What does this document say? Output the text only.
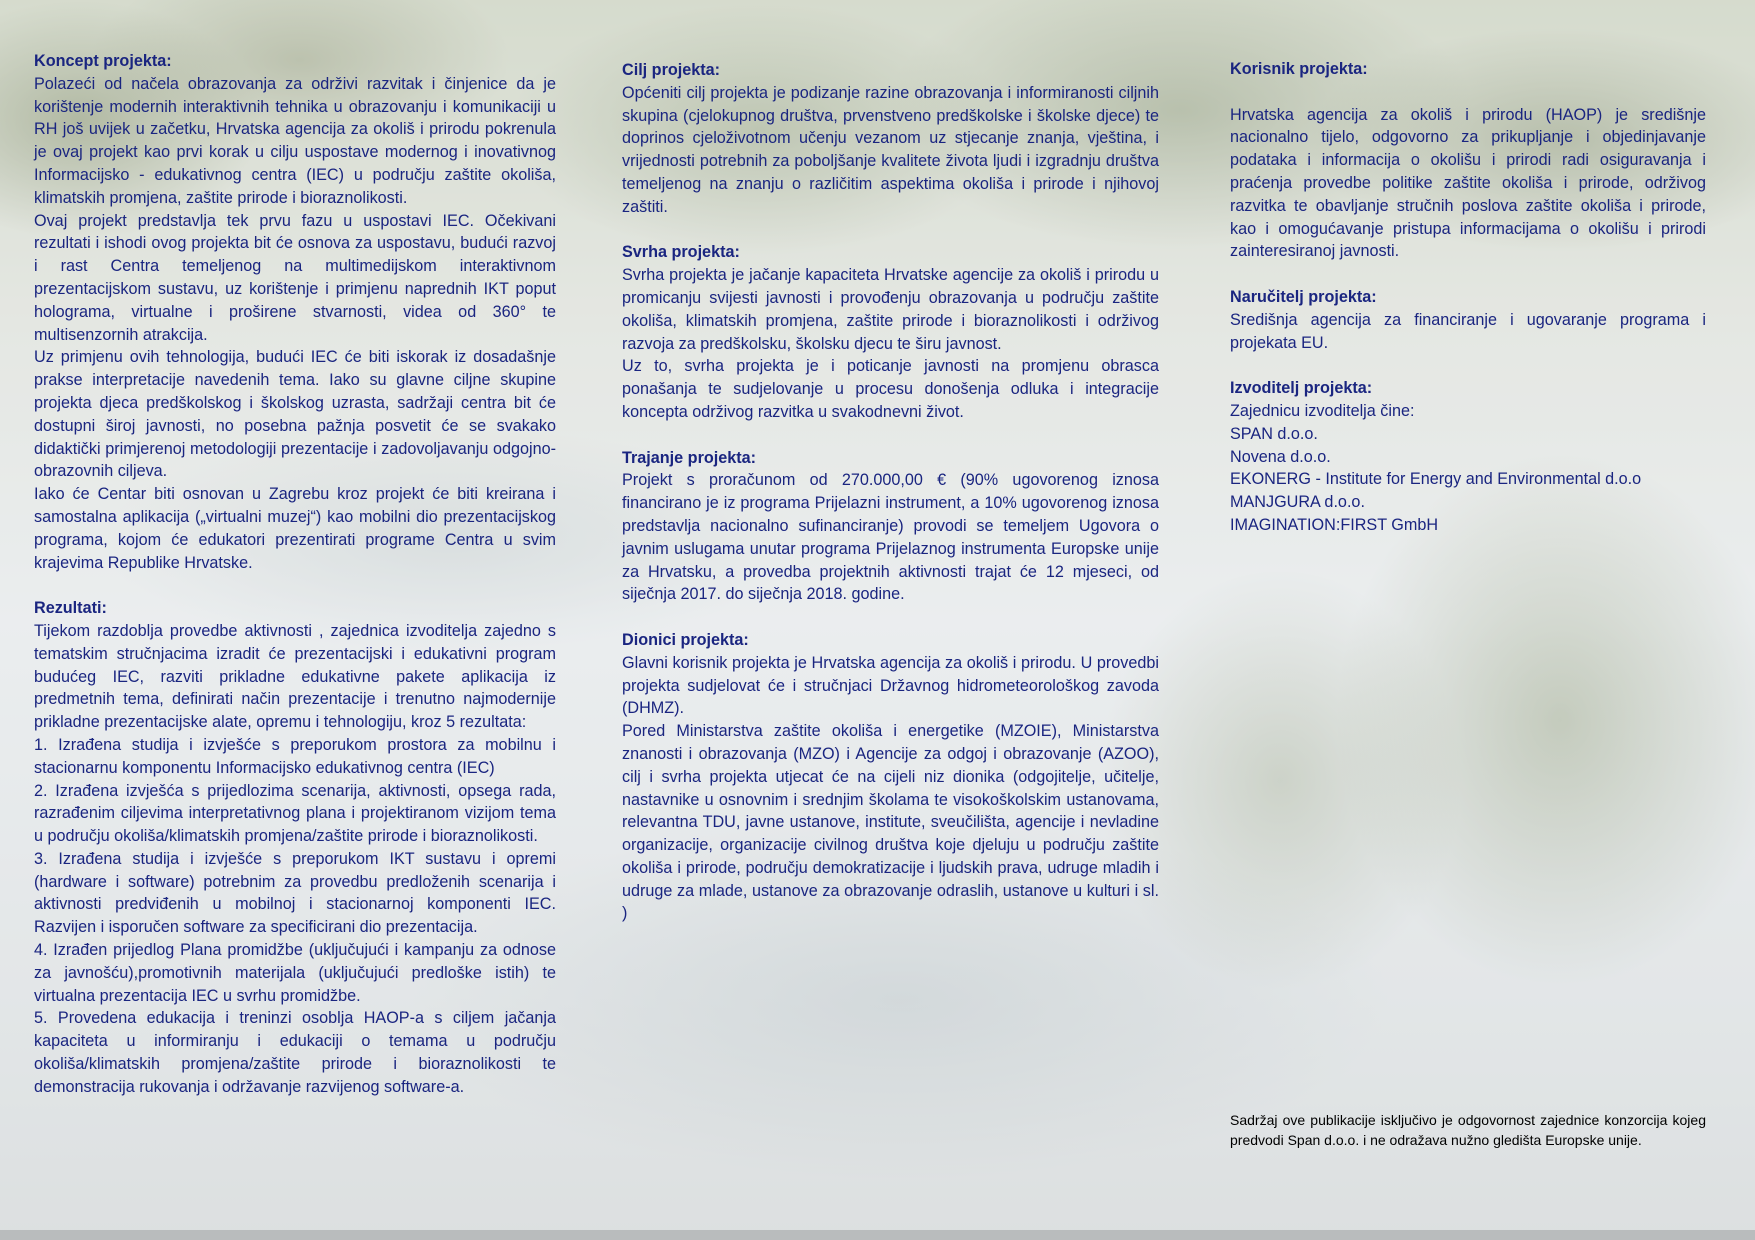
Koncept projekta:

Polazeći od načela obrazovanja za održivi razvitak i činjenice da je korištenje modernih interaktivnih tehnika u obrazovanju i komunikaciji u RH još uvijek u začetku, Hrvatska agencija za okoliš i prirodu pokrenula je ovaj projekt kao prvi korak u cilju uspostave modernog i inovativnog Informacijsko - edukativnog centra (IEC) u području zaštite okoliša, klimatskih promjena, zaštite prirode i bioraznolikosti.

Ovaj projekt predstavlja tek prvu fazu u uspostavi IEC. Očekivani rezultati i ishodi ovog projekta bit će osnova za uspostavu, budući razvoj i rast Centra temeljenog na multimedijskom interaktivnom prezentacijskom sustavu, uz korištenje i primjenu naprednih IKT poput holograma, virtualne i proširene stvarnosti, videa od 360° te multisenzornih atrakcija.

Uz primjenu ovih tehnologija, budući IEC će biti iskorak iz dosadašnje prakse interpretacije navedenih tema. Iako su glavne ciljne skupine projekta djeca predškolskog i školskog uzrasta, sadržaji centra bit će dostupni široj javnosti, no posebna pažnja posvetit će se svakako didaktički primjerenoj metodologiji prezentacije i zadovoljavanju odgojno-obrazovnih ciljeva.

Iako će Centar biti osnovan u Zagrebu kroz projekt će biti kreirana i samostalna aplikacija („virtualni muzej“) kao mobilni dio prezentacijskog programa, kojom će edukatori prezentirati programe Centra u svim krajevima Republike Hrvatske.

Rezultati:

Tijekom razdoblja provedbe aktivnosti , zajednica izvoditelja zajedno s tematskim stručnjacima izradit će prezentacijski i edukativni program budućeg IEC, razviti prikladne edukativne pakete aplikacija iz predmetnih tema, definirati način prezentacije i trenutno najmodernije prikladne prezentacijske alate, opremu i tehnologiju, kroz 5 rezultata:

1. Izrađena studija i izvješće s preporukom prostora za mobilnu i stacionarnu komponentu Informacijsko edukativnog centra (IEC)

2. Izrađena izvješća s prijedlozima scenarija, aktivnosti, opsega rada, razrađenim ciljevima interpretativnog plana i projektiranom vizijom tema u području okoliša/klimatskih promjena/zaštite prirode i bioraznolikosti.

3. Izrađena studija i izvješće s preporukom IKT sustavu i opremi (hardware i software) potrebnim za provedbu predloženih scenarija i aktivnosti predviđenih u mobilnoj i stacionarnoj komponenti IEC. Razvijen i isporučen software za specificirani dio prezentacija.

4. Izrađen prijedlog Plana promidžbe (uključujući i kampanju za odnose za javnošću),promotivnih materijala (uključujući predloške istih) te virtualna prezentacija IEC u svrhu promidžbe.

5. Provedena edukacija i treninzi osoblja HAOP-a s ciljem jačanja kapaciteta u informiranju i edukaciji o temama u području okoliša/klimatskih promjena/zaštite prirode i bioraznolikosti te demonstracija rukovanja i održavanje razvijenog software-a.

Cilj projekta:

Općeniti cilj projekta je podizanje razine obrazovanja i informiranosti ciljnih skupina (cjelokupnog društva, prvenstveno predškolske i školske djece) te doprinos cjeloživotnom učenju vezanom uz stjecanje znanja, vještina, i vrijednosti potrebnih za poboljšanje kvalitete života ljudi i izgradnju društva temeljenog na znanju o različitim aspektima okoliša i prirode i njihovoj zaštiti.

Svrha projekta:

Svrha projekta je jačanje kapaciteta Hrvatske agencije za okoliš i prirodu u promicanju svijesti javnosti i provođenju obrazovanja u području zaštite okoliša, klimatskih promjena, zaštite prirode i bioraznolikosti i održivog razvoja za predškolsku, školsku djecu te širu javnost.

Uz to, svrha projekta je i poticanje javnosti na promjenu obrasca ponašanja te sudjelovanje u procesu donošenja odluka i integracije koncepta održivog razvitka u svakodnevni život.

Trajanje projekta:

Projekt s proračunom od 270.000,00 € (90% ugovorenog iznosa financirano je iz programa Prijelazni instrument, a 10% ugovorenog iznosa predstavlja nacionalno sufinanciranje) provodi se temeljem Ugovora o javnim uslugama unutar programa Prijelaznog instrumenta Europske unije za Hrvatsku, a provedba projektnih aktivnosti trajat će 12 mjeseci, od siječnja 2017. do siječnja 2018. godine.

Dionici projekta:

Glavni korisnik projekta je Hrvatska agencija za okoliš i prirodu. U provedbi projekta sudjelovat će i stručnjaci Državnog hidrometeorološkog zavoda (DHMZ).

Pored Ministarstva zaštite okoliša i energetike (MZOIE), Ministarstva znanosti i obrazovanja (MZO) i Agencije za odgoj i obrazovanje (AZOO), cilj i svrha projekta utjecat će na cijeli niz dionika (odgojitelje, učitelje, nastavnike u osnovnim i srednjim školama te visokoškolskim ustanovama, relevantna TDU, javne ustanove, institute, sveučilišta, agencije i nevladine organizacije, organizacije civilnog društva koje djeluju u području zaštite okoliša i prirode, području demokratizacije i ljudskih prava, udruge mladih i udruge za mlade, ustanove za obrazovanje odraslih, ustanove u kulturi i sl. )

Korisnik projekta:

Hrvatska agencija za okoliš i prirodu (HAOP) je središnje nacionalno tijelo, odgovorno za prikupljanje i objedinjavanje podataka i informacija o okolišu i prirodi radi osiguravanja i praćenja provedbe politike zaštite okoliša i prirode, održivog razvitka te obavljanje stručnih poslova zaštite okoliša i prirode, kao i omogućavanje pristupa informacijama o okolišu i prirodi zainteresiranoj javnosti.

Naručitelj projekta:

Središnja agencija za financiranje i ugovaranje programa i projekata EU.

Izvoditelj projekta:

Zajednicu izvoditelja čine:

SPAN d.o.o.

Novena d.o.o.

EKONERG - Institute for Energy and Environmental d.o.o

MANJGURA d.o.o.

IMAGINATION:FIRST GmbH

Sadržaj ove publikacije isključivo je odgovornost zajednice konzorcija kojeg predvodi Span d.o.o. i ne odražava nužno gledišta Europske unije.
